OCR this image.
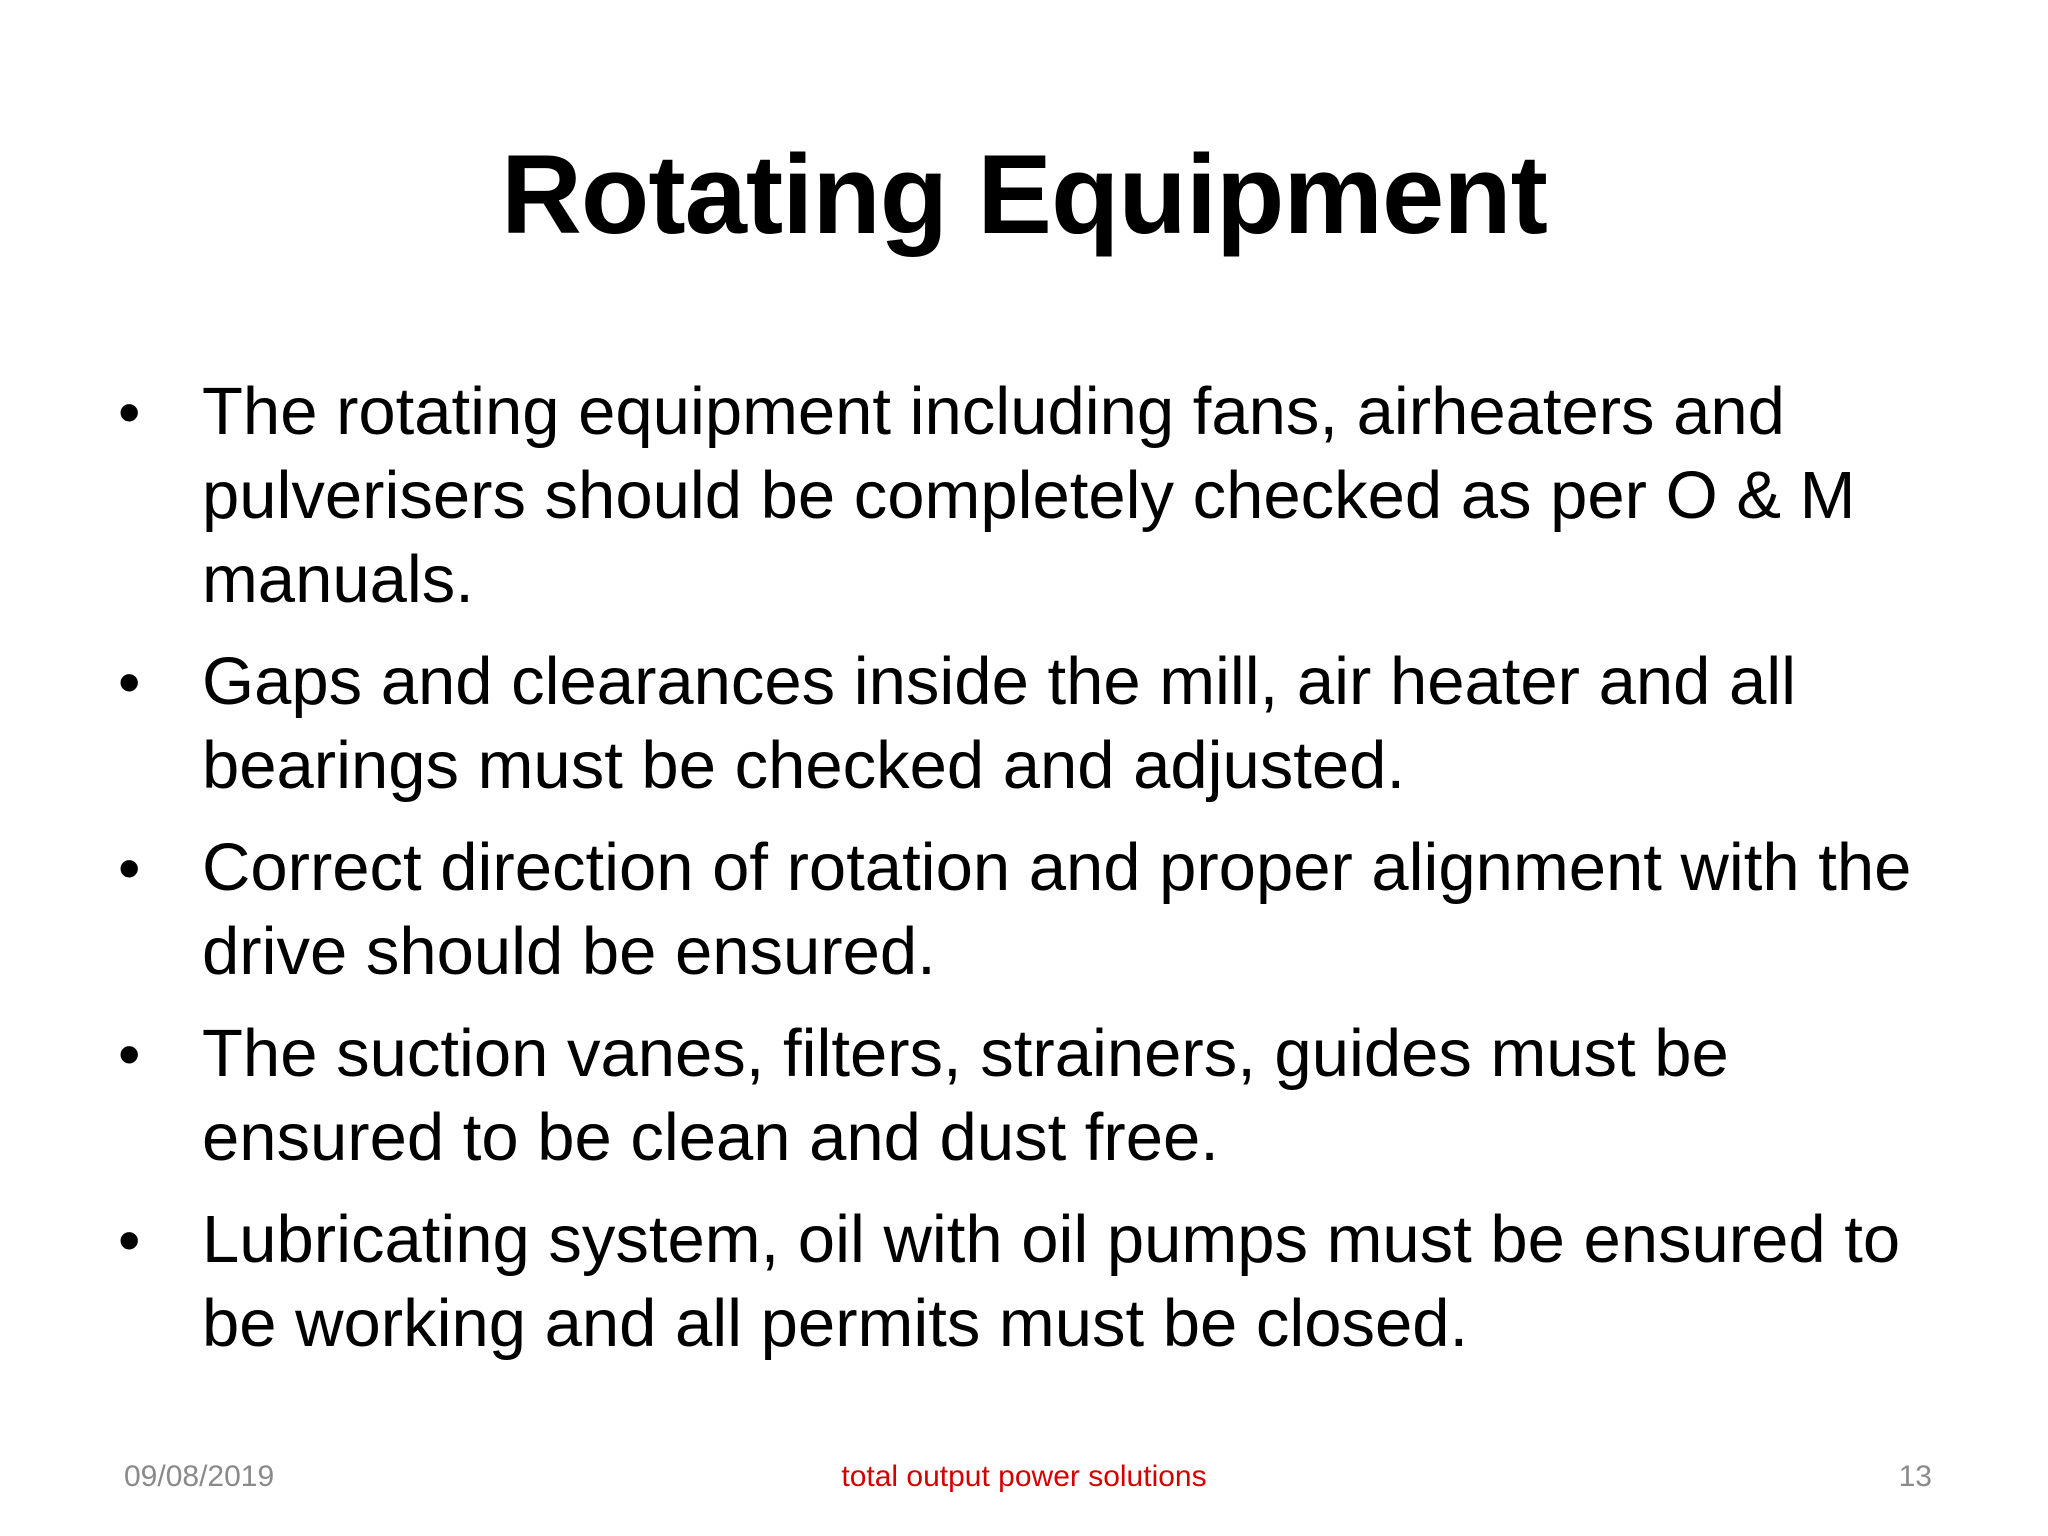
Rotating Equipment
• The rotating equipment including fans, airheaters and pulverisers should be completely checked as per O & M manuals.
• Gaps and clearances inside the mill, air heater and all bearings must be checked and adjusted.
• Correct direction of rotation and proper alignment with the drive should be ensured.
• The suction vanes, filters, strainers, guides must be ensured to be clean and dust free.
• Lubricating system, oil with oil pumps must be ensured to be working and all permits must be closed.
09/08/2019	total output power solutions	13
